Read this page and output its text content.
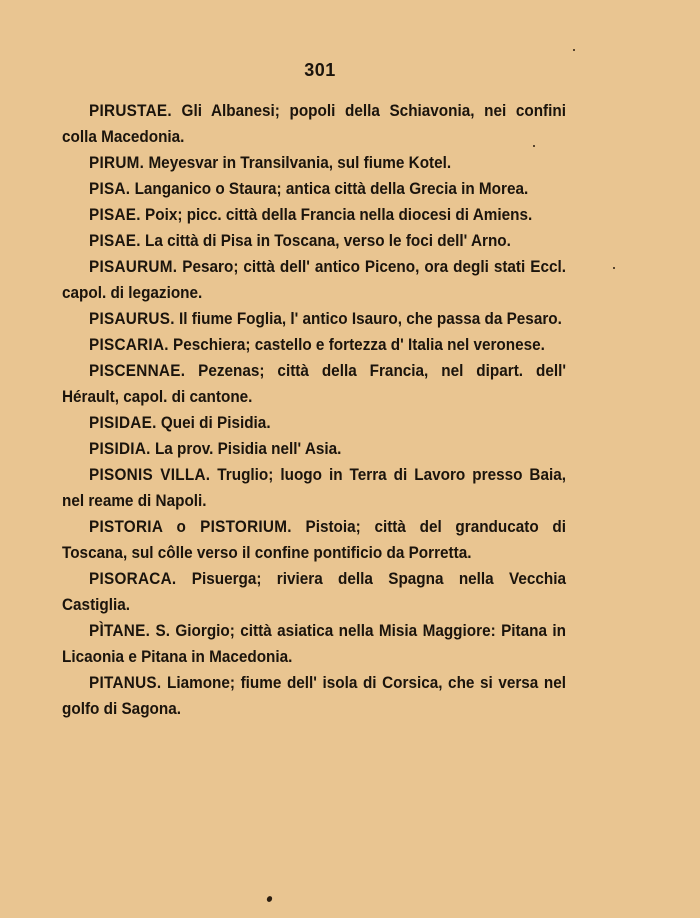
301

PIRUSTAE. Gli Albanesi; popoli della Schiavonia, nei confini colla Macedonia.

PIRUM. Meyesvar in Transilvania, sul fiume Kotel.

PISA. Langanico o Staura; antica città della Grecia in Morea.

PISAE. Poix; picc. città della Francia nella diocesi di Amiens.

PISAE. La città di Pisa in Toscana, verso le foci dell' Arno.

PISAURUM. Pesaro; città dell' antico Piceno, ora degli stati Eccl. capol. di legazione.

PISAURUS. Il fiume Foglia, l' antico Isauro, che passa da Pesaro.

PISCARIA. Peschiera; castello e fortezza d' Italia nel veronese.

PISCENNAE. Pezenas; città della Francia, nel dipart. dell' Hérault, capol. di cantone.

PISIDAE. Quei di Pisidia.

PISIDIA. La prov. Pisidia nell' Asia.

PISONIS VILLA. Truglio; luogo in Terra di Lavoro presso Baia, nel reame di Napoli.

PISTORIA o PISTORIUM. Pistoia; città del granducato di Toscana, sul côlle verso il confine pontificio da Porretta.

PISORACA. Pisuerga; riviera della Spagna nella Vecchia Castiglia.

PÌTANE. S. Giorgio; città asiatica nella Misia Maggiore: Pitana in Licaonia e Pitana in Macedonia.

PITANUS. Liamone; fiume dell' isola di Corsica, che si versa nel golfo di Sagona.
